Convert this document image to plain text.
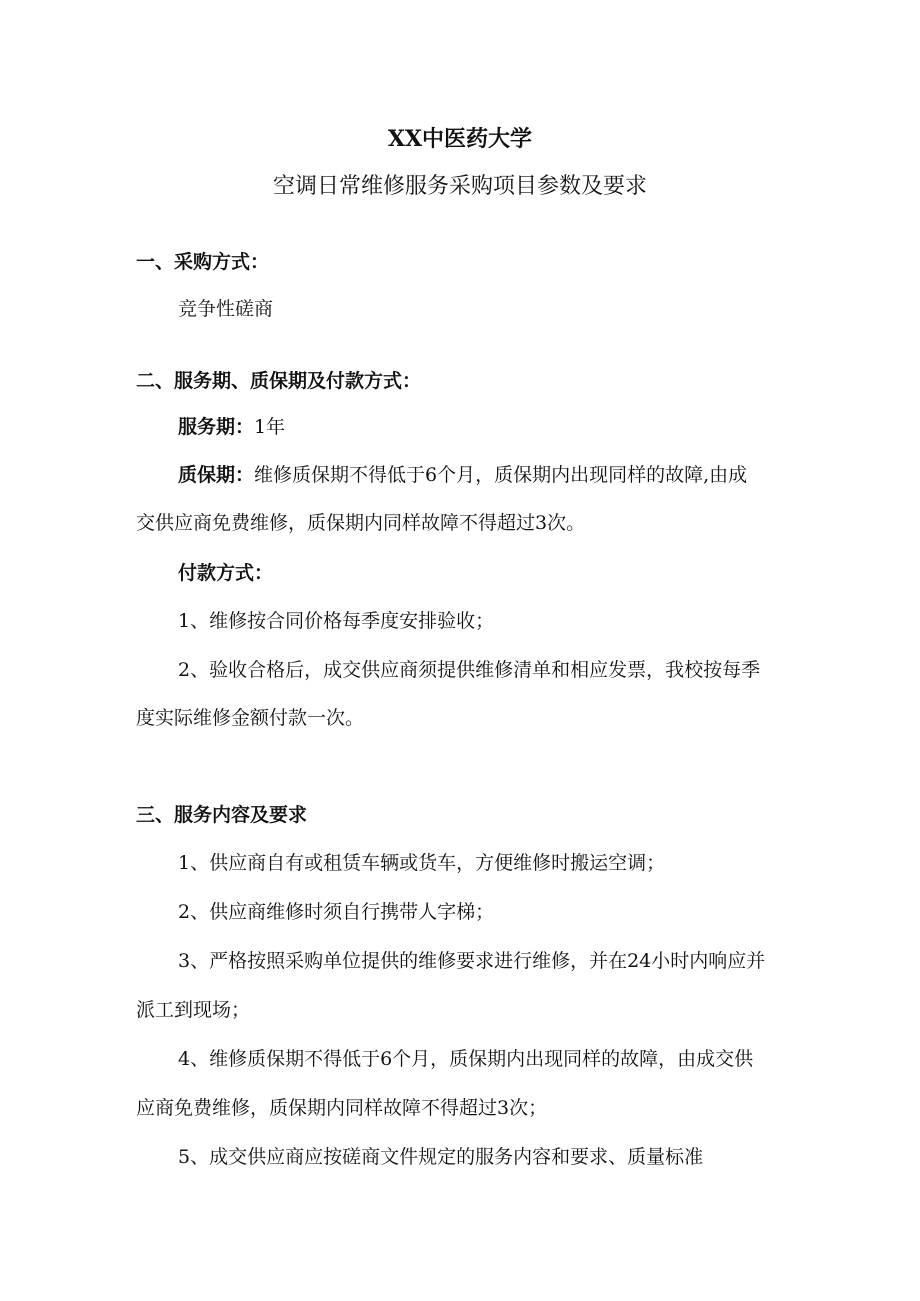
XX中医药大学
空调日常维修服务采购项目参数及要求
一、采购方式：
竞争性磋商
二、服务期、质保期及付款方式：
服务期：1年
质保期：维修质保期不得低于6个月，质保期内出现同样的故障,由成
交供应商免费维修，质保期内同样故障不得超过3次。
付款方式：
1、维修按合同价格每季度安排验收；
2、验收合格后，成交供应商须提供维修清单和相应发票，我校按每季
度实际维修金额付款一次。
三、服务内容及要求
1、供应商自有或租赁车辆或货车，方便维修时搬运空调；
2、供应商维修时须自行携带人字梯；
3、严格按照采购单位提供的维修要求进行维修，并在24小时内响应并
派工到现场；
4、维修质保期不得低于6个月，质保期内出现同样的故障，由成交供
应商免费维修，质保期内同样故障不得超过3次；
5、成交供应商应按磋商文件规定的服务内容和要求、质量标准
